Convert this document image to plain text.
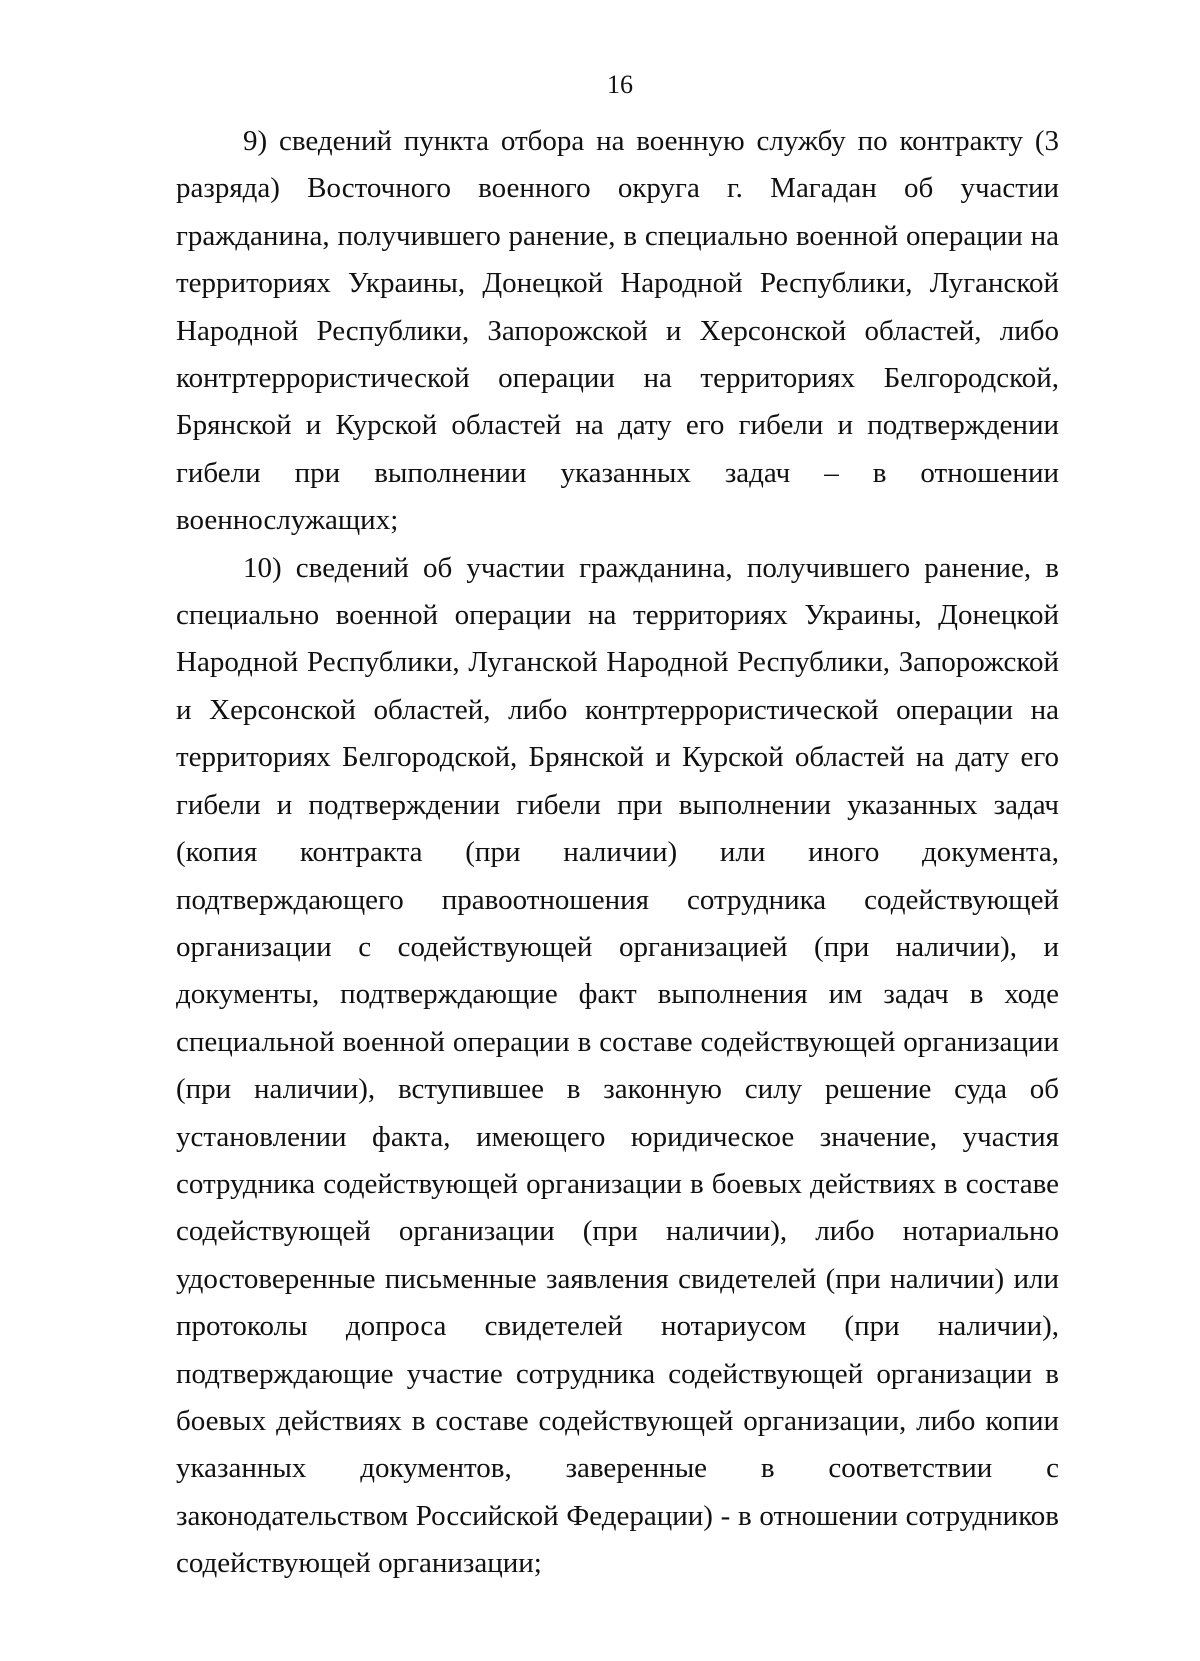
16

9) сведений пункта отбора на военную службу по контракту (3 разряда) Восточного военного округа г. Магадан об участии гражданина, получившего ранение, в специально военной операции на территориях Украины, Донецкой Народной Республики, Луганской Народной Республики, Запорожской и Херсонской областей, либо контртеррористической операции на территориях Белгородской, Брянской и Курской областей на дату его гибели и подтверждении гибели при выполнении указанных задач – в отношении военнослужащих;

10) сведений об участии гражданина, получившего ранение, в специально военной операции на территориях Украины, Донецкой Народной Республики, Луганской Народной Республики, Запорожской и Херсонской областей, либо контртеррористической операции на территориях Белгородской, Брянской и Курской областей на дату его гибели и подтверждении гибели при выполнении указанных задач (копия контракта (при наличии) или иного документа, подтверждающего правоотношения сотрудника содействующей организации с содействующей организацией (при наличии), и документы, подтверждающие факт выполнения им задач в ходе специальной военной операции в составе содействующей организации (при наличии), вступившее в законную силу решение суда об установлении факта, имеющего юридическое значение, участия сотрудника содействующей организации в боевых действиях в составе содействующей организации (при наличии), либо нотариально удостоверенные письменные заявления свидетелей (при наличии) или протоколы допроса свидетелей нотариусом (при наличии), подтверждающие участие сотрудника содействующей организации в боевых действиях в составе содействующей организации, либо копии указанных документов, заверенные в соответствии с законодательством Российской Федерации) - в отношении сотрудников содействующей организации;
